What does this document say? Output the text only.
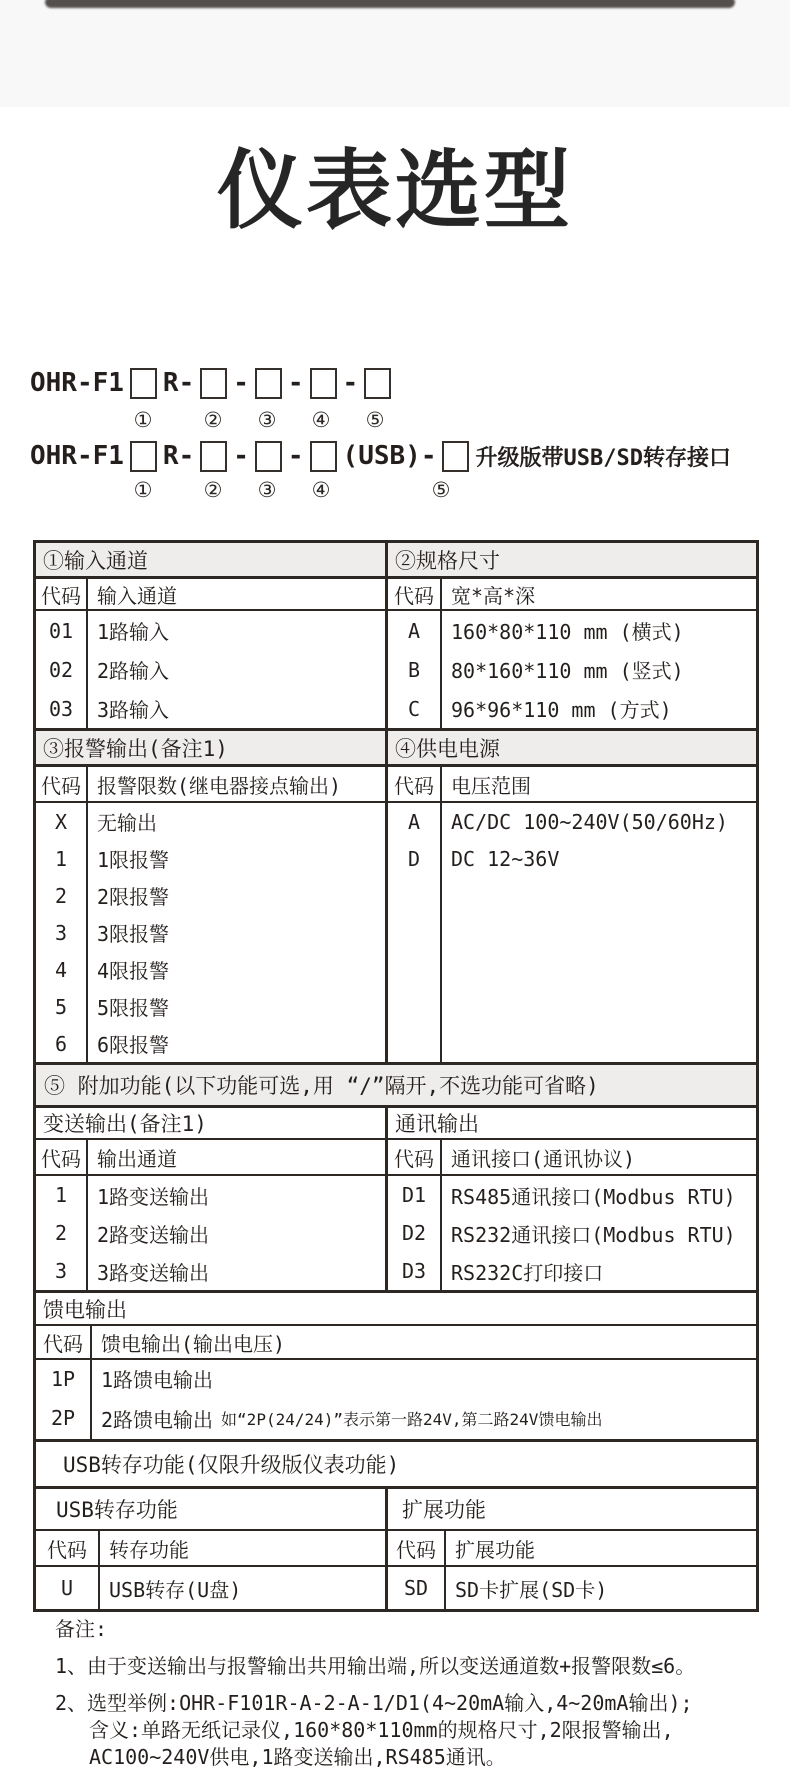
仪表选型
OHR-F1 R- - - -
① ② ③ ④ ⑤
OHR-F1 R- - - (USB)- 升级版带USB/SD转存接口
① ② ③ ④	⑤
①输入通道
代码 输入通道
01	1路输入
02	2路输入
03	3路输入
②规格尺寸
代码 宽*高*深
A	160*80*110 mm (横式)
B	80*160*110 mm (竖式)
C	96*96*110 mm (方式)
③报警输出(备注1)
代码 报警限数(继电器接点输出)
X	无输出
1	1限报警
2	2限报警
3	3限报警
4	4限报警
5	5限报警
6	6限报警
④供电电源
代码 电压范围
A	AC/DC 100~240V(50/60Hz)
D	DC 12~36V
⑤ 附加功能(以下功能可选,用 “/”隔开,不选功能可省略)
变送输出(备注1)
代码 输出通道
1	1路变送输出
2	2路变送输出
3	3路变送输出
通讯输出
代码 通讯接口(通讯协议)
D1	RS485通讯接口(Modbus RTU)
D2	RS232通讯接口(Modbus RTU)
D3	RS232C打印接口
馈电输出
代码 馈电输出(输出电压)
1P	1路馈电输出
2P	2路馈电输出 如“2P(24/24)”表示第一路24V,第二路24V馈电输出
USB转存功能(仅限升级版仪表功能)
USB转存功能
代码	转存功能
U	USB转存(U盘)
扩展功能
代码 扩展功能
SD	SD卡扩展(SD卡)
备注:
1、由于变送输出与报警输出共用输出端,所以变送通道数+报警限数≤6。
2、选型举例:OHR-F101R-A-2-A-1/D1(4~20mA输入,4~20mA输出);
含义:单路无纸记录仪,160*80*110mm的规格尺寸,2限报警输出,
AC100~240V供电,1路变送输出,RS485通讯。
